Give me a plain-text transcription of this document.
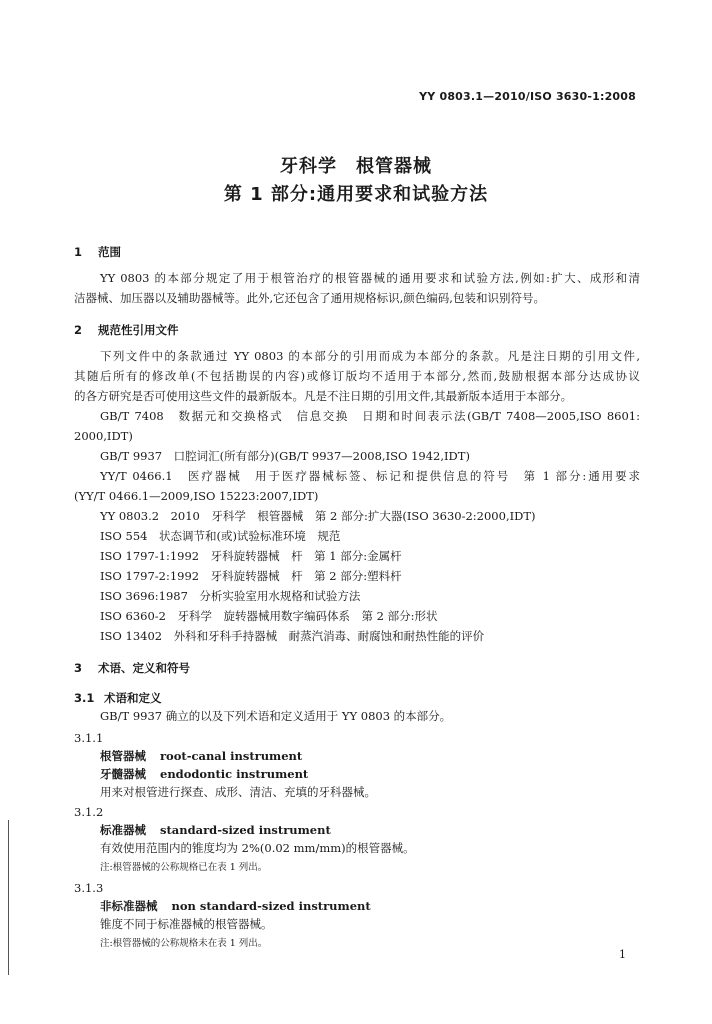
YY 0803.1—2010/ISO 3630-1:2008
牙科学　根管器械
第 1 部分:通用要求和试验方法
1 范围
YY 0803 的本部分规定了用于根管治疗的根管器械的通用要求和试验方法,例如:扩大、成形和清
洁器械、加压器以及辅助器械等。此外,它还包含了通用规格标识,颜色编码,包装和识别符号。
2 规范性引用文件
下列文件中的条款通过 YY 0803 的本部分的引用而成为本部分的条款。凡是注日期的引用文件,
其随后所有的修改单(不包括勘误的内容)或修订版均不适用于本部分,然而,鼓励根据本部分达成协议
的各方研究是否可使用这些文件的最新版本。凡是不注日期的引用文件,其最新版本适用于本部分。
GB/T 7408　数据元和交换格式　信息交换　日期和时间表示法(GB/T 7408—2005,ISO 8601:
2000,IDT)
GB/T 9937　口腔词汇(所有部分)(GB/T 9937—2008,ISO 1942,IDT)
YY/T 0466.1　医疗器械　用于医疗器械标签、标记和提供信息的符号　第 1 部分:通用要求
(YY/T 0466.1—2009,ISO 15223:2007,IDT)
YY 0803.2　2010　牙科学　根管器械　第 2 部分:扩大器(ISO 3630-2:2000,IDT)
ISO 554　状态调节和(或)试验标准环境　规范
ISO 1797-1:1992　牙科旋转器械　杆　第 1 部分:金属杆
ISO 1797-2:1992　牙科旋转器械　杆　第 2 部分:塑料杆
ISO 3696:1987　分析实验室用水规格和试验方法
ISO 6360-2　牙科学　旋转器械用数字编码体系　第 2 部分:形状
ISO 13402　外科和牙科手持器械　耐蒸汽消毒、耐腐蚀和耐热性能的评价
3 术语、定义和符号
3.1 术语和定义
GB/T 9937 确立的以及下列术语和定义适用于 YY 0803 的本部分。
3.1.1
根管器械 root-canal instrument
牙髓器械 endodontic instrument
用来对根管进行探查、成形、清洁、充填的牙科器械。
3.1.2
标准器械 standard-sized instrument
有效使用范围内的锥度均为 2%(0.02 mm/mm)的根管器械。
注:根管器械的公称规格已在表 1 列出。
3.1.3
非标准器械 non standard-sized instrument
锥度不同于标准器械的根管器械。
注:根管器械的公称规格未在表 1 列出。
1
